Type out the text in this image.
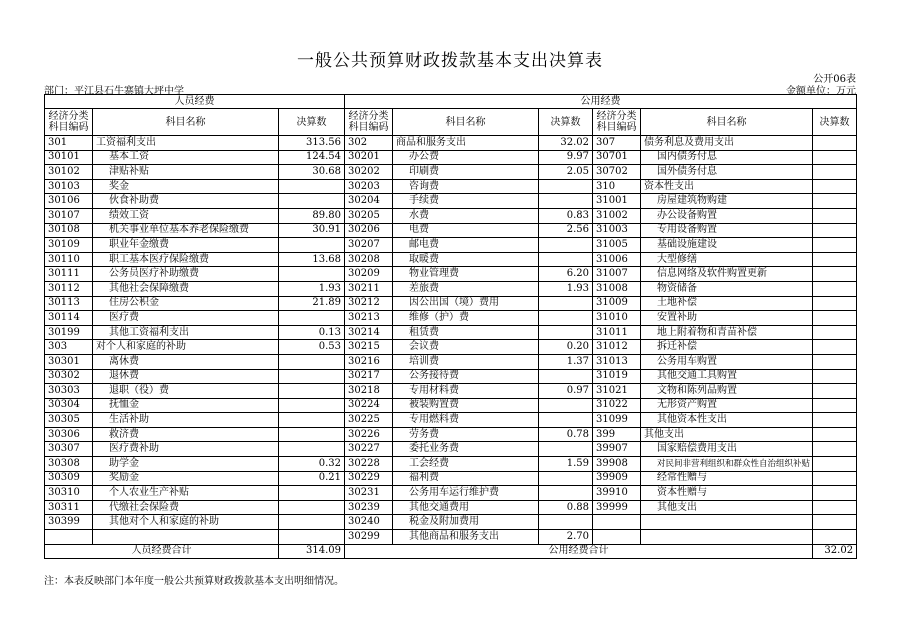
一般公共预算财政拨款基本支出决算表
公开06表
部门：平江县石牛寨镇大坪中学	金额单位：万元
人员经费			公用经费					
经济分类科目编码	科目名称	决算数	经济分类科目编码	科目名称	决算数	经济分类科目编码	科目名称	决算数
301	工资福利支出	313.56	302	商品和服务支出	32.02	307	债务利息及费用支出	
30101	基本工资	124.54	30201	办公费	9.97	30701	国内债务付息	
30102	津贴补贴	30.68	30202	印刷费	2.05	30702	国外债务付息	
30103	奖金		30203	咨询费		310	资本性支出	
30106	伙食补助费		30204	手续费		31001	房屋建筑物购建	
30107	绩效工资	89.80	30205	水费	0.83	31002	办公设备购置	
30108	机关事业单位基本养老保险缴费	30.91	30206	电费	2.56	31003	专用设备购置	
30109	职业年金缴费		30207	邮电费		31005	基础设施建设	
30110	职工基本医疗保险缴费	13.68	30208	取暖费		31006	大型修缮	
30111	公务员医疗补助缴费		30209	物业管理费	6.20	31007	信息网络及软件购置更新	
30112	其他社会保障缴费	1.93	30211	差旅费	1.93	31008	物资储备	
30113	住房公积金	21.89	30212	因公出国（境）费用		31009	土地补偿	
30114	医疗费		30213	维修（护）费		31010	安置补助	
30199	其他工资福利支出	0.13	30214	租赁费		31011	地上附着物和青苗补偿	
303	对个人和家庭的补助	0.53	30215	会议费	0.20	31012	拆迁补偿	
30301	离休费		30216	培训费	1.37	31013	公务用车购置	
30302	退休费		30217	公务接待费		31019	其他交通工具购置	
30303	退职（役）费		30218	专用材料费	0.97	31021	文物和陈列品购置	
30304	抚恤金		30224	被装购置费		31022	无形资产购置	
30305	生活补助		30225	专用燃料费		31099	其他资本性支出	
30306	救济费		30226	劳务费	0.78	399	其他支出	
30307	医疗费补助		30227	委托业务费		39907	国家赔偿费用支出	
30308	助学金	0.32	30228	工会经费	1.59	39908	对民间非营利组织和群众性自治组织补贴	
30309	奖励金	0.21	30229	福利费		39909	经常性赠与	
30310	个人农业生产补贴		30231	公务用车运行维护费		39910	资本性赠与	
30311	代缴社会保险费		30239	其他交通费用	0.88	39999	其他支出	
30399	其他对个人和家庭的补助		30240	税金及附加费用				
			30299	其他商品和服务支出	2.70			
人员经费合计		314.09	公用经费合计					32.02
注：本表反映部门本年度一般公共预算财政拨款基本支出明细情况。
